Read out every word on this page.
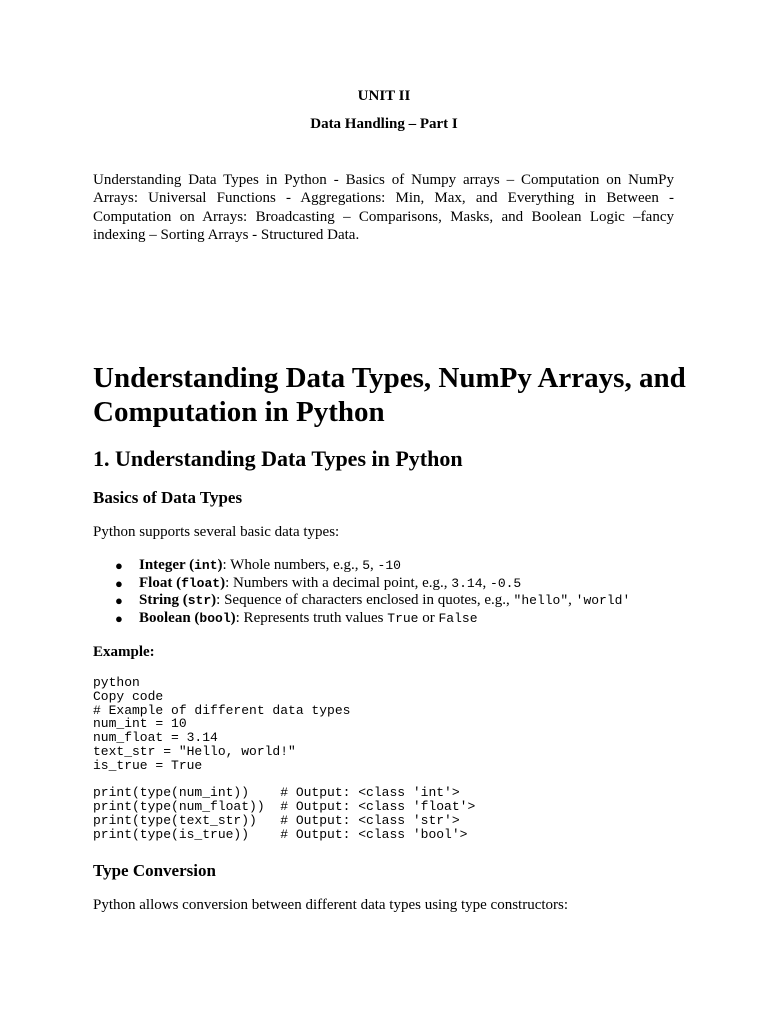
UNIT II
Data Handling – Part I
Understanding Data Types in Python - Basics of Numpy arrays – Computation on NumPy Arrays: Universal Functions - Aggregations: Min, Max, and Everything in Between - Computation on Arrays: Broadcasting – Comparisons, Masks, and Boolean Logic –fancy indexing – Sorting Arrays - Structured Data.
Understanding Data Types, NumPy Arrays, and Computation in Python
1. Understanding Data Types in Python
Basics of Data Types
Python supports several basic data types:
● Integer (int): Whole numbers, e.g., 5, -10
● Float (float): Numbers with a decimal point, e.g., 3.14, -0.5
● String (str): Sequence of characters enclosed in quotes, e.g., "hello", 'world'
● Boolean (bool): Represents truth values True or False
Example:
python
Copy code
# Example of different data types
num_int = 10
num_float = 3.14
text_str = "Hello, world!"
is_true = True

print(type(num_int))    # Output: <class 'int'>
print(type(num_float))  # Output: <class 'float'>
print(type(text_str))   # Output: <class 'str'>
print(type(is_true))    # Output: <class 'bool'>
Type Conversion
Python allows conversion between different data types using type constructors:
